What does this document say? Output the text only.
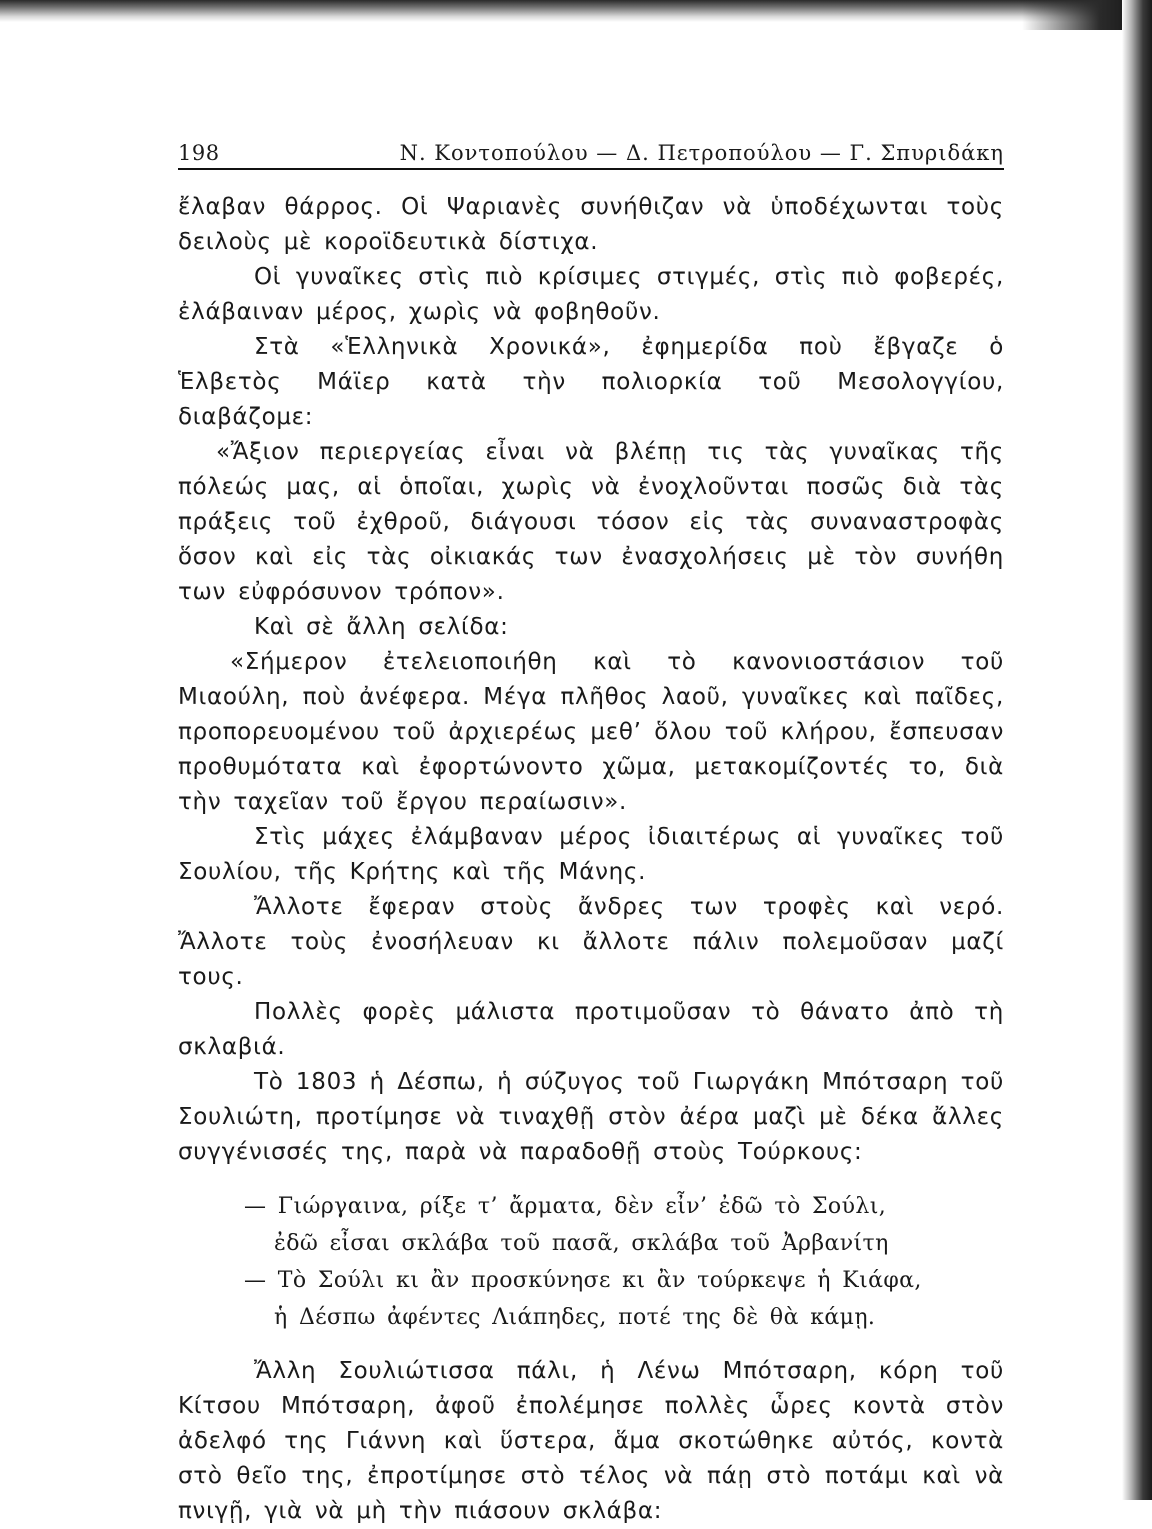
198	Ν. Κοντοπούλου — Δ. Πετροπούλου — Γ. Σπυριδάκη

ἔλαβαν θάρρος. Οἱ Ψαριανὲς συνήθιζαν νὰ ὑποδέχωνται τοὺς δειλοὺς μὲ κοροϊδευτικὰ δίστιχα.

Οἱ γυναῖκες στὶς πιὸ κρίσιμες στιγμές, στὶς πιὸ φοβερές, ἐλάβαιναν μέρος, χωρὶς νὰ φοβηθοῦν.

Στὰ «Ἑλληνικὰ Χρονικά», ἐφημερίδα ποὺ ἔβγαζε ὁ Ἑλβετὸς Μάϊερ κατὰ τὴν πολιορκία τοῦ Μεσολογγίου, διαβάζομε:

«Ἄξιον περιεργείας εἶναι νὰ βλέπῃ τις τὰς γυναῖκας τῆς πόλεώς μας, αἱ ὁποῖαι, χωρὶς νὰ ἐνοχλοῦνται ποσῶς διὰ τὰς πράξεις τοῦ ἐχθροῦ, διάγουσι τόσον εἰς τὰς συναναστροφὰς ὅσον καὶ εἰς τὰς οἰκιακάς των ἐνασχολήσεις μὲ τὸν συνήθη των εὐφρόσυνον τρόπον».

Καὶ σὲ ἄλλη σελίδα:

«Σήμερον ἐτελειοποιήθη καὶ τὸ κανονιοστάσιον τοῦ Μιαούλη, ποὺ ἀνέφερα. Μέγα πλῆθος λαοῦ, γυναῖκες καὶ παῖδες, προπορευομένου τοῦ ἀρχιερέως μεθ’ ὅλου τοῦ κλήρου, ἔσπευσαν προθυμότατα καὶ ἐφορτώνοντο χῶμα, μετακομίζοντές το, διὰ τὴν ταχεῖαν τοῦ ἔργου περαίωσιν».

Στὶς μάχες ἐλάμβαναν μέρος ἰδιαιτέρως αἱ γυναῖκες τοῦ Σουλίου, τῆς Κρήτης καὶ τῆς Μάνης.

Ἄλλοτε ἔφεραν στοὺς ἄνδρες των τροφὲς καὶ νερό. Ἄλλοτε τοὺς ἐνοσήλευαν κι ἄλλοτε πάλιν πολεμοῦσαν μαζί τους.

Πολλὲς φορὲς μάλιστα προτιμοῦσαν τὸ θάνατο ἀπὸ τὴ σκλαβιά.

Τὸ 1803 ἡ Δέσπω, ἡ σύζυγος τοῦ Γιωργάκη Μπότσαρη τοῦ Σουλιώτη, προτίμησε νὰ τιναχθῇ στὸν ἀέρα μαζὶ μὲ δέκα ἄλλες συγγένισσές της, παρὰ νὰ παραδοθῇ στοὺς Τούρκους:

— Γιώργαινα, ρίξε τ’ ἄρματα, δὲν εἶν’ ἐδῶ τὸ Σούλι,
ἐδῶ εἶσαι σκλάβα τοῦ πασᾶ, σκλάβα τοῦ Ἀρβανίτη
— Τὸ Σούλι κι ἂν προσκύνησε κι ἂν τούρκεψε ἡ Κιάφα,
ἡ Δέσπω ἀφέντες Λιάπηδες, ποτέ της δὲ θὰ κάμῃ.

Ἄλλη Σουλιώτισσα πάλι, ἡ Λένω Μπότσαρη, κόρη τοῦ Κίτσου Μπότσαρη, ἀφοῦ ἐπολέμησε πολλὲς ὧρες κοντὰ στὸν ἀδελφό της Γιάννη καὶ ὕστερα, ἅμα σκοτώθηκε αὐτός, κοντὰ στὸ θεῖο της, ἐπροτίμησε στὸ τέλος νὰ πάῃ στὸ ποτάμι καὶ νὰ πνιγῇ, γιὰ νὰ μὴ τὴν πιάσουν σκλάβα:
